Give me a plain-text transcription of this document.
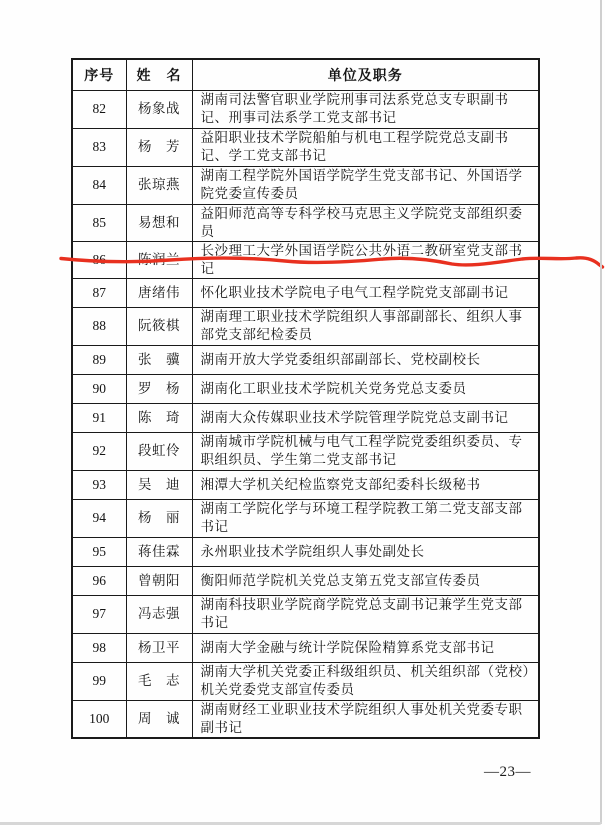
序号	姓　名	单位及职务
82	杨象战	湖南司法警官职业学院刑事司法系党总支专职副书记、刑事司法系学工党支部书记
83	杨　芳	益阳职业技术学院船舶与机电工程学院党总支副书记、学工党支部书记
84	张琼燕	湖南工程学院外国语学院学生党支部书记、外国语学院党委宣传委员
85	易想和	益阳师范高等专科学校马克思主义学院党支部组织委员
86	陈润兰	长沙理工大学外国语学院公共外语二教研室党支部书记
87	唐绪伟	怀化职业技术学院电子电气工程学院党支部副书记
88	阮筱棋	湖南理工职业技术学院组织人事部副部长、组织人事部党支部纪检委员
89	张　骥	湖南开放大学党委组织部副部长、党校副校长
90	罗　杨	湖南化工职业技术学院机关党务党总支委员
91	陈　琦	湖南大众传媒职业技术学院管理学院党总支副书记
92	段虹伶	湖南城市学院机械与电气工程学院党委组织委员、专职组织员、学生第二党支部书记
93	吴　迪	湘潭大学机关纪检监察党支部纪委科长级秘书
94	杨　丽	湖南工学院化学与环境工程学院教工第二党支部支部书记
95	蒋佳霖	永州职业技术学院组织人事处副处长
96	曾朝阳	衡阳师范学院机关党总支第五党支部宣传委员
97	冯志强	湖南科技职业学院商学院党总支副书记兼学生党支部书记
98	杨卫平	湖南大学金融与统计学院保险精算系党支部书记
99	毛　志	湖南大学机关党委正科级组织员、机关组织部（党校）机关党委党支部宣传委员
100	周　诚	湖南财经工业职业技术学院组织人事处机关党委专职副书记
—23—
